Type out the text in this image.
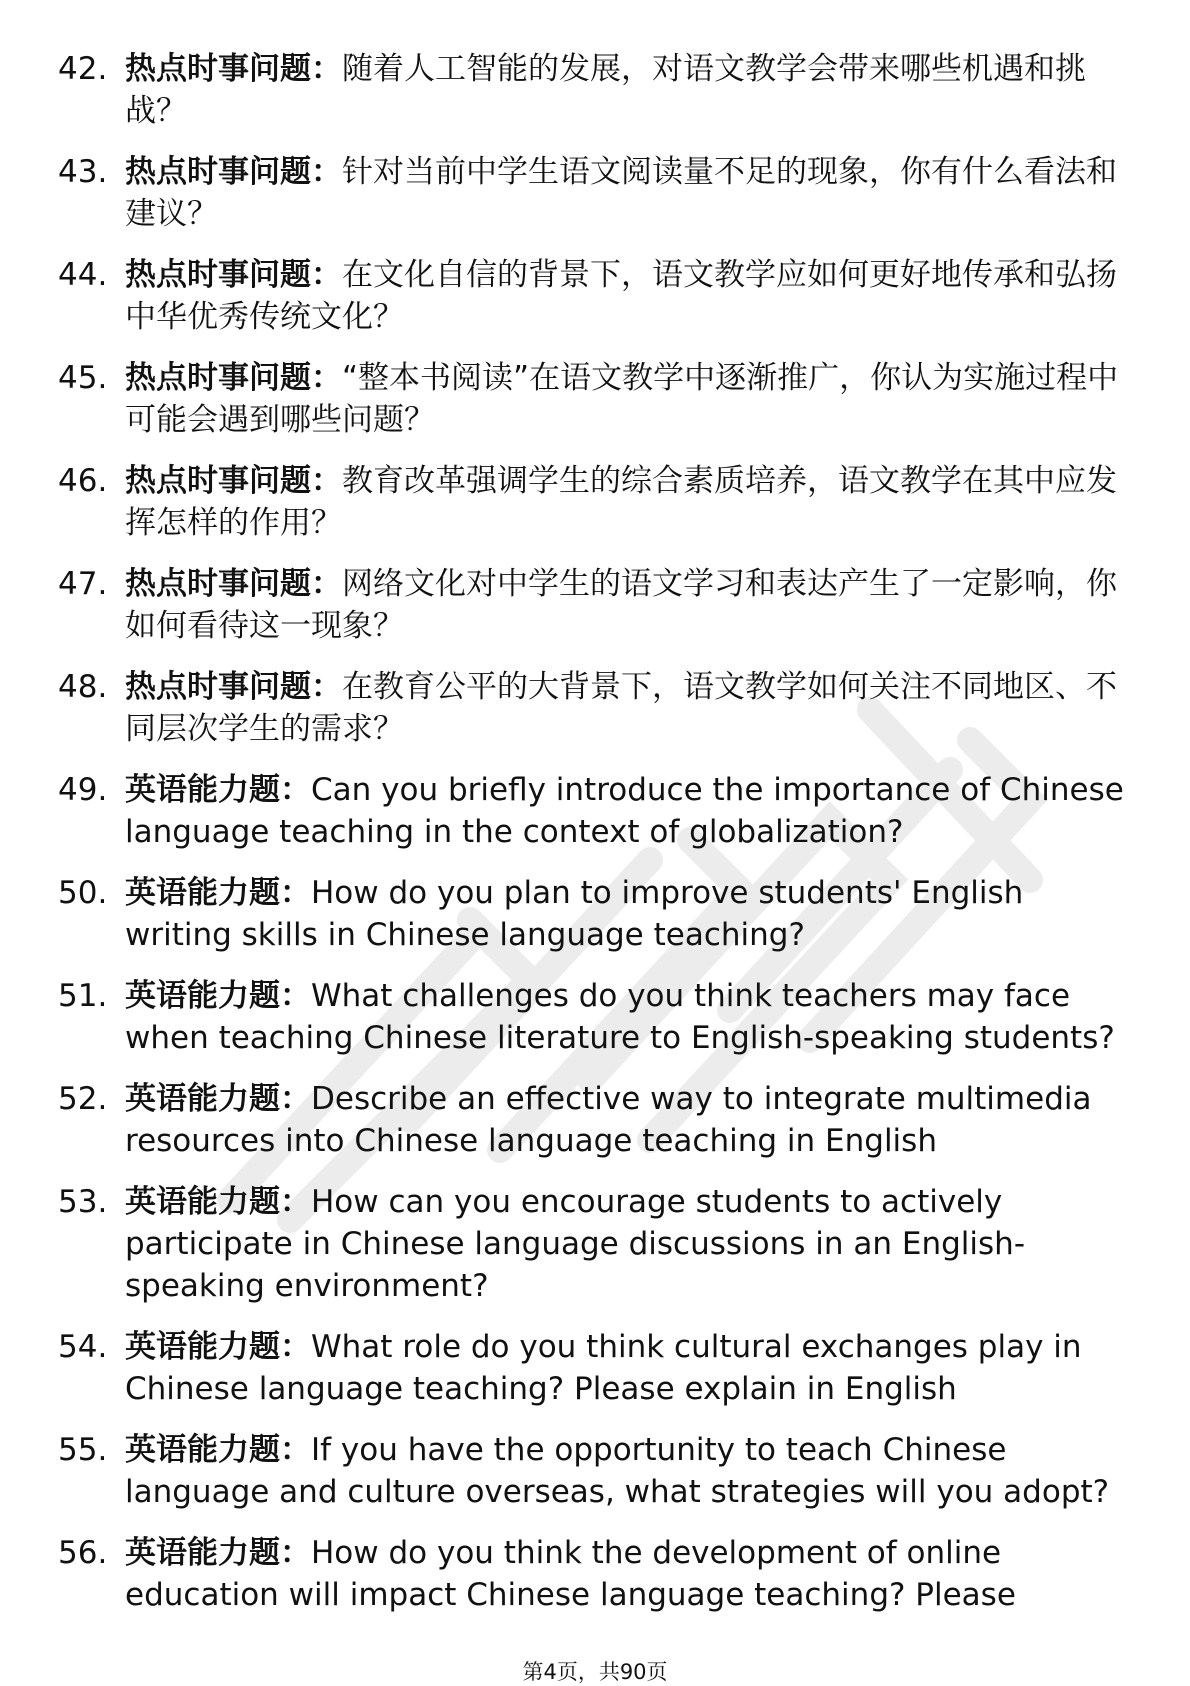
42. 热点时事问题：随着人工智能的发展，对语文教学会带来哪些机遇和挑战？
43. 热点时事问题：针对当前中学生语文阅读量不足的现象，你有什么看法和建议？
44. 热点时事问题：在文化自信的背景下，语文教学应如何更好地传承和弘扬中华优秀传统文化？
45. 热点时事问题：“整本书阅读”在语文教学中逐渐推广，你认为实施过程中可能会遇到哪些问题？
46. 热点时事问题：教育改革强调学生的综合素质培养，语文教学在其中应发挥怎样的作用？
47. 热点时事问题：网络文化对中学生的语文学习和表达产生了一定影响，你如何看待这一现象？
48. 热点时事问题：在教育公平的大背景下，语文教学如何关注不同地区、不同层次学生的需求？
49. 英语能力题：Can you briefly introduce the importance of Chinese language teaching in the context of globalization?
50. 英语能力题：How do you plan to improve students' English writing skills in Chinese language teaching?
51. 英语能力题：What challenges do you think teachers may face when teaching Chinese literature to English-speaking students?
52. 英语能力题：Describe an effective way to integrate multimedia resources into Chinese language teaching in English
53. 英语能力题：How can you encourage students to actively participate in Chinese language discussions in an English-speaking environment?
54. 英语能力题：What role do you think cultural exchanges play in Chinese language teaching? Please explain in English
55. 英语能力题：If you have the opportunity to teach Chinese language and culture overseas, what strategies will you adopt?
56. 英语能力题：How do you think the development of online education will impact Chinese language teaching? Please
第4页，共90页
